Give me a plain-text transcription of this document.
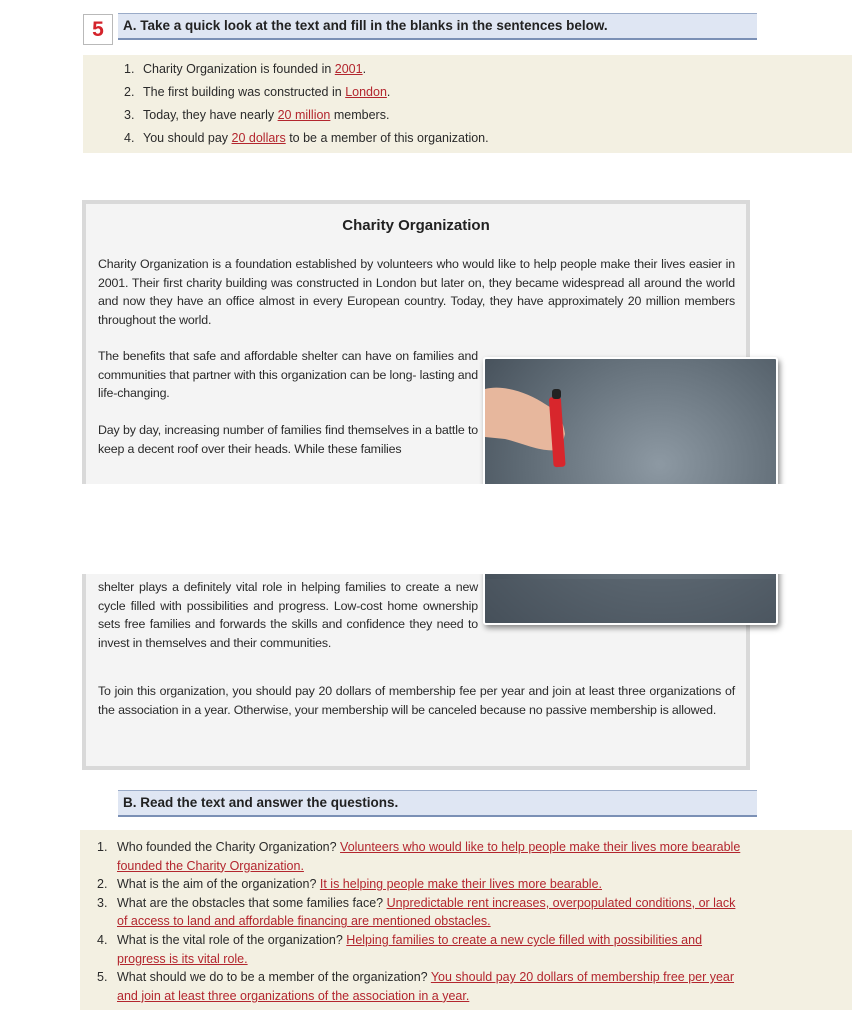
5	A. Take a quick look at the text and fill in the blanks in the sentences below.
1. Charity Organization is founded in 2001.
2. The first building was constructed in London.
3. Today, they have nearly 20 million members.
4. You should pay 20 dollars to be a member of this organization.
Charity Organization
Charity Organization is a foundation established by volunteers who would like to help people make their lives easier in 2001. Their first charity building was constructed in London but later on, they became widespread all around the world and now they have an office almost in every European country. Today, they have approximately 20 million members throughout the world.
The benefits that safe and affordable shelter can have on families and communities that partner with this organization can be long- lasting and life-changing.
Day by day, increasing number of families find themselves in a battle to keep a decent roof over their heads. While these families
shelter plays a definitely vital role in helping families to create a new cycle filled with possibilities and progress. Low-cost home ownership sets free families and forwards the skills and confidence they need to invest in themselves and their communities.
To join this organization, you should pay 20 dollars of membership fee per year and join at least three organizations of the association in a year. Otherwise, your membership will be canceled because no passive membership is allowed.
B. Read the text and answer the questions.
1. Who founded the Charity Organization? Volunteers who would like to help people make their lives more bearable
founded the Charity Organization.
2. What is the aim of the organization? It is helping people make their lives more bearable.
3. What are the obstacles that some families face? Unpredictable rent increases, overpopulated conditions, or lack
of access to land and affordable financing are mentioned obstacles.
4. What is the vital role of the organization? Helping families to create a new cycle filled with possibilities and
progress is its vital role.
5. What should we do to be a member of the organization? You should pay 20 dollars of membership free per year
and join at least three organizations of the association in a year.
